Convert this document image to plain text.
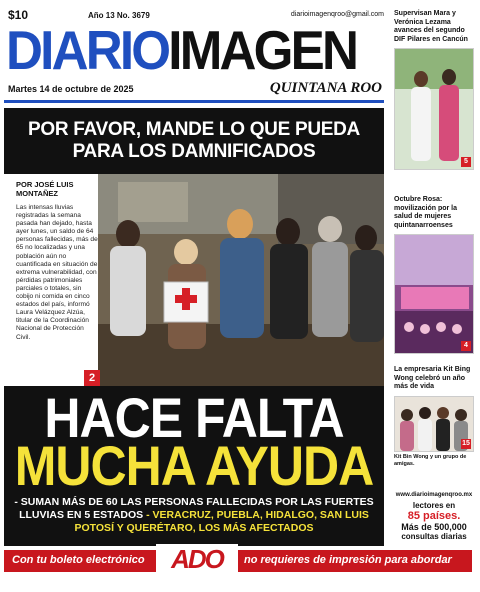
$10	Año 13 No. 3679	diarioimagenqroo@gmail.com
DIARIOIMAGEN
Martes 14 de octubre de 2025	QUINTANA ROO
POR FAVOR, MANDE LO QUE PUEDA
PARA LOS DAMNIFICADOS
POR JOSÉ LUIS
MONTAÑEZ
Las intensas lluvias registradas la semana pasada han dejado, hasta ayer lunes, un saldo de 64 personas fallecidas, más de 65 no localizadas y una población aún no cuantificada en situación de extrema vulnerabilidad, con pérdidas patrimoniales parciales o totales, sin cobijo ni comida en cinco estados del país, informó Laura Velázquez Alzúa, titular de la Coordinación Nacional de Protección Civil.
2
HACE FALTA
MUCHA AYUDA
- SUMAN MÁS DE 60 LAS PERSONAS FALLECIDAS POR LAS FUERTES LLUVIAS EN 5 ESTADOS - VERACRUZ, PUEBLA, HIDALGO, SAN LUIS POTOSÍ Y QUERÉTARO, LOS MÁS AFECTADOS
Con tu boleto electrónico	ADO	no requieres de impresión para abordar
Supervisan Mara y Verónica Lezama avances del segundo DIF Pilares en Cancún
5
Octubre Rosa: movilización por la salud de mujeres quintanarroenses
4
La empresaria Kit Bing Wong celebró un año más de vida
15
Kit Bin Wong y un grupo de amigas.
www.diarioimagenqroo.mx
lectores en
85 países.
Más de 500,000
consultas diarias
